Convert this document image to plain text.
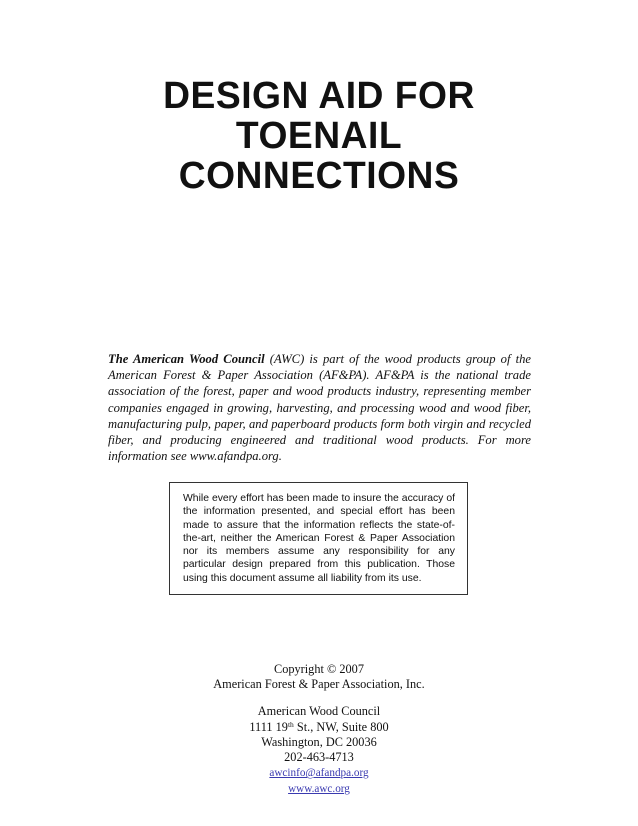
DESIGN AID FOR
TOENAIL
CONNECTIONS
The American Wood Council (AWC) is part of the wood products group of the American Forest & Paper Association (AF&PA). AF&PA is the national trade association of the forest, paper and wood products industry, representing member companies engaged in growing, harvesting, and processing wood and wood fiber, manufacturing pulp, paper, and paperboard products form both virgin and recycled fiber, and producing engineered and traditional wood products. For more information see www.afandpa.org.
While every effort has been made to insure the accuracy of the information presented, and special effort has been made to assure that the information reflects the state-of-the-art, neither the American Forest & Paper Association nor its members assume any responsibility for any particular design prepared from this publication. Those using this document assume all liability from its use.
Copyright © 2007
American Forest & Paper Association, Inc.
American Wood Council
1111 19th St., NW, Suite 800
Washington, DC 20036
202-463-4713
awcinfo@afandpa.org
www.awc.org
